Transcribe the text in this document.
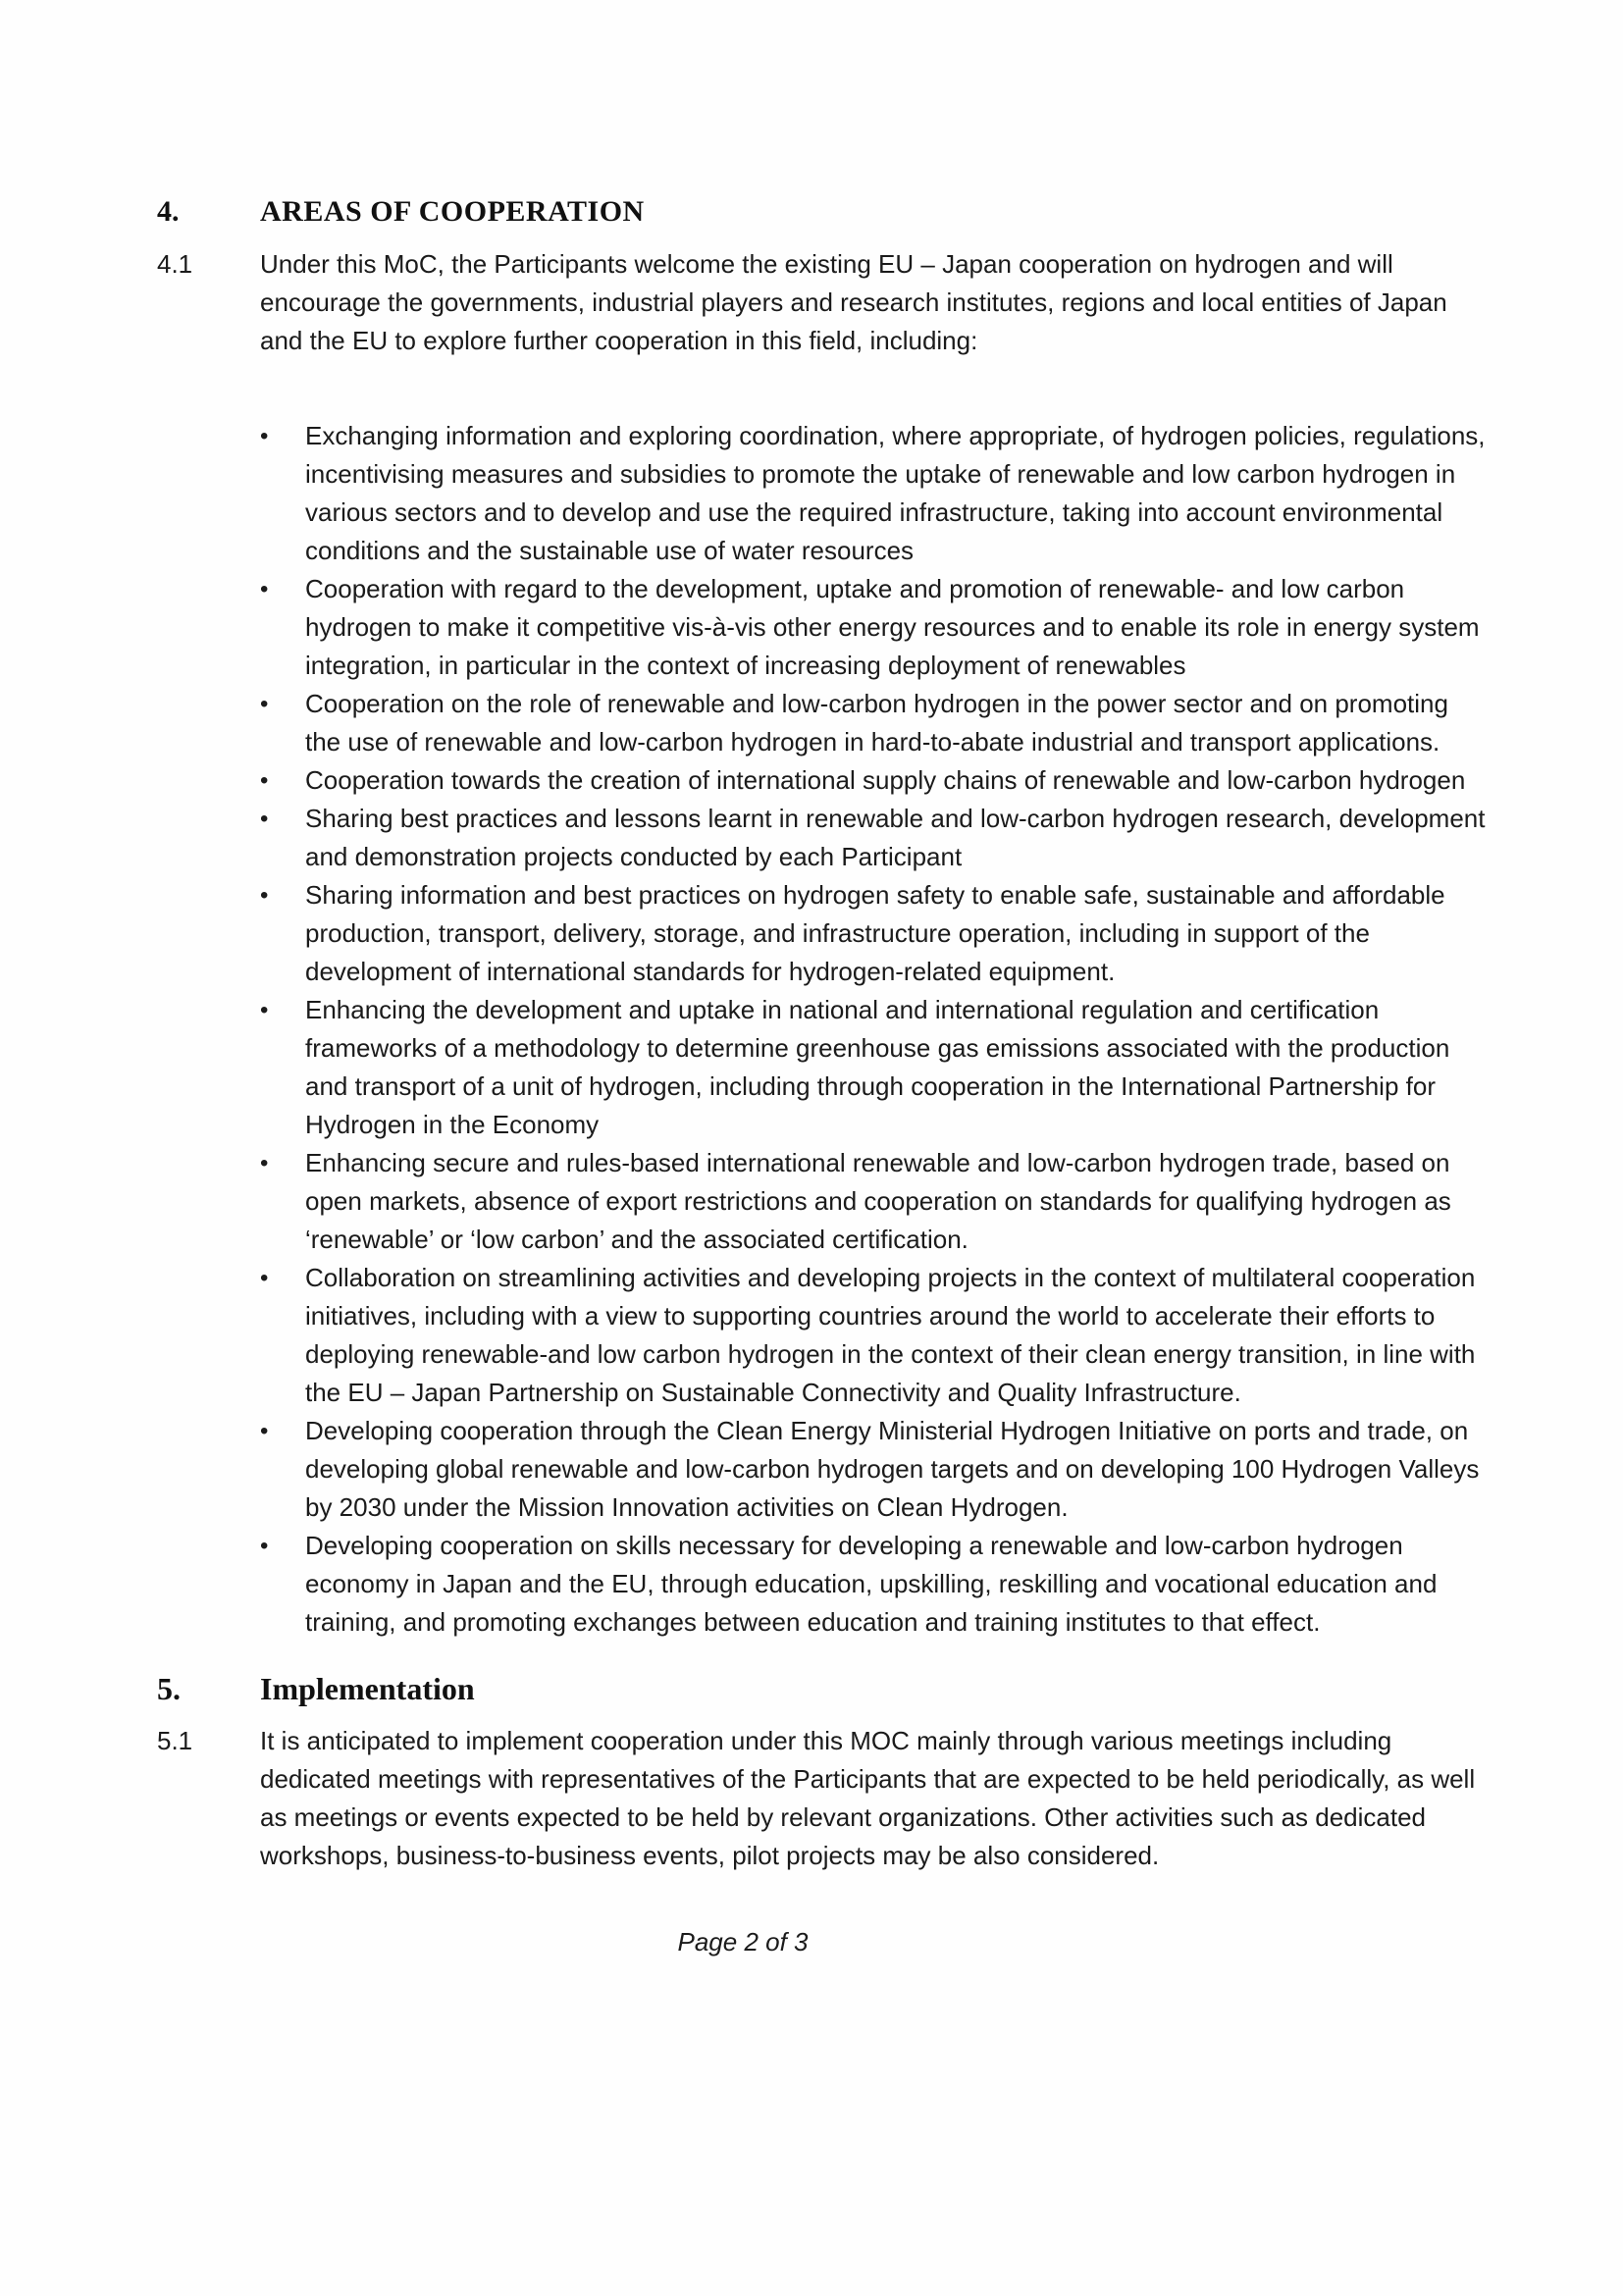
4.	AREAS OF COOPERATION
4.1	Under this MoC, the Participants welcome the existing EU – Japan cooperation on hydrogen and will encourage the governments, industrial players and research institutes, regions and local entities of Japan and the EU to explore further cooperation in this field, including:
•	Exchanging information and exploring coordination, where appropriate, of hydrogen policies, regulations, incentivising measures and subsidies to promote the uptake of renewable and low carbon hydrogen in various sectors and to develop and use the required infrastructure, taking into account environmental conditions and the sustainable use of water resources
•	Cooperation with regard to the development, uptake and promotion of renewable- and low carbon hydrogen to make it competitive vis-à-vis other energy resources and to enable its role in energy system integration, in particular in the context of increasing deployment of renewables
•	Cooperation on the role of renewable and low-carbon hydrogen in the power sector and on promoting the use of renewable and low-carbon hydrogen in hard-to-abate industrial and transport applications.
•	Cooperation towards the creation of international supply chains of renewable and low-carbon hydrogen
•	Sharing best practices and lessons learnt in renewable and low-carbon hydrogen research, development and demonstration projects conducted by each Participant
•	Sharing information and best practices on hydrogen safety to enable safe, sustainable and affordable production, transport, delivery, storage, and infrastructure operation, including in support of the development of international standards for hydrogen-related equipment.
•	Enhancing the development and uptake in national and international regulation and certification frameworks of a methodology to determine greenhouse gas emissions associated with the production and transport of a unit of hydrogen, including through cooperation in the International Partnership for Hydrogen in the Economy
•	Enhancing secure and rules-based international renewable and low-carbon hydrogen trade, based on open markets, absence of export restrictions and cooperation on standards for qualifying hydrogen as ‘renewable’ or ‘low carbon’ and the associated certification.
•	Collaboration on streamlining activities and developing projects in the context of multilateral cooperation initiatives, including with a view to supporting countries around the world to accelerate their efforts to deploying renewable-and low carbon hydrogen in the context of their clean energy transition, in line with the EU – Japan Partnership on Sustainable Connectivity and Quality Infrastructure.
•	Developing cooperation through the Clean Energy Ministerial Hydrogen Initiative on ports and trade, on developing global renewable and low-carbon hydrogen targets and on developing 100 Hydrogen Valleys by 2030 under the Mission Innovation activities on Clean Hydrogen.
•	Developing cooperation on skills necessary for developing a renewable and low-carbon hydrogen economy in Japan and the EU, through education, upskilling, reskilling and vocational education and training, and promoting exchanges between education and training institutes to that effect.
5.	Implementation
5.1	It is anticipated to implement cooperation under this MOC mainly through various meetings including dedicated meetings with representatives of the Participants that are expected to be held periodically, as well as meetings or events expected to be held by relevant organizations. Other activities such as dedicated workshops, business-to-business events, pilot projects may be also considered.
Page 2 of 3
